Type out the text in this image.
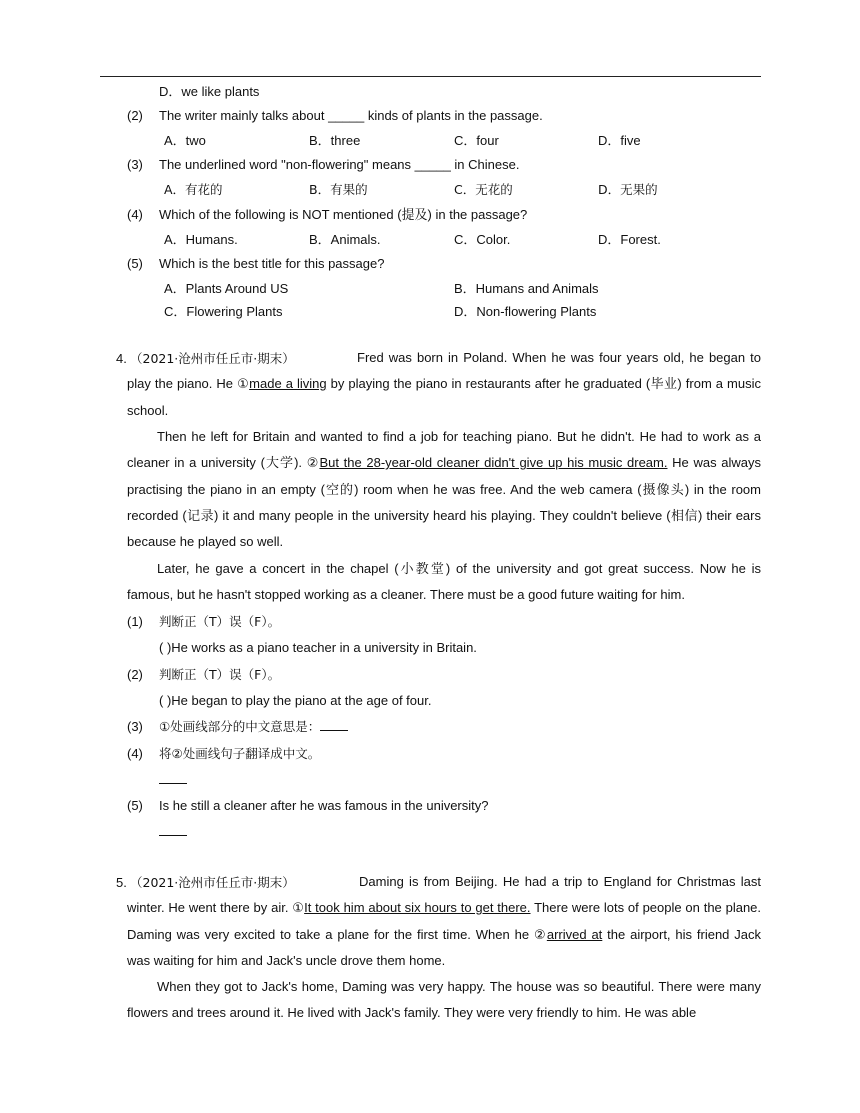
D．we like plants
(2) The writer mainly talks about _____ kinds of plants in the passage.
A．two	B．three	C．four	D．five
(3) The underlined word "non-flowering" means _____ in Chinese.
A．有花的	B．有果的	C．无花的	D．无果的
(4) Which of the following is NOT mentioned (提及) in the passage?
A．Humans.	B．Animals.	C．Color.	D．Forest.
(5) Which is the best title for this passage?
A．Plants Around US	B．Humans and Animals
C．Flowering Plants	D．Non-flowering Plants
4. （2021·沧州市任丘市·期末）	Fred was born in Poland. When he was four years old, he began to play the piano. He ①made a living by playing the piano in restaurants after he graduated (毕业) from a music school.
Then he left for Britain and wanted to find a job for teaching piano. But he didn't. He had to work as a cleaner in a university (大学). ②But the 28-year-old cleaner didn't give up his music dream. He was always practising the piano in an empty (空的) room when he was free. And the web camera (摄像头) in the room recorded (记录) it and many people in the university heard his playing. They couldn't believe (相信) their ears because he played so well.
Later, he gave a concert in the chapel (小教堂) of the university and got great success. Now he is famous, but he hasn't stopped working as a cleaner. There must be a good future waiting for him.
(1) 判断正（T）误（F）。
( )He works as a piano teacher in a university in Britain.
(2) 判断正（T）误（F）。
( )He began to play the piano at the age of four.
(3) ①处画线部分的中文意思是：
(4) 将②处画线句子翻译成中文。
(5) Is he still a cleaner after he was famous in the university?
5. （2021·沧州市任丘市·期末）	Daming is from Beijing. He had a trip to England for Christmas last winter. He went there by air. ①It took him about six hours to get there. There were lots of people on the plane. Daming was very excited to take a plane for the first time. When he ②arrived at the airport, his friend Jack was waiting for him and Jack's uncle drove them home.
When they got to Jack's home, Daming was very happy. The house was so beautiful. There were many flowers and trees around it. He lived with Jack's family. They were very friendly to him. He was able
